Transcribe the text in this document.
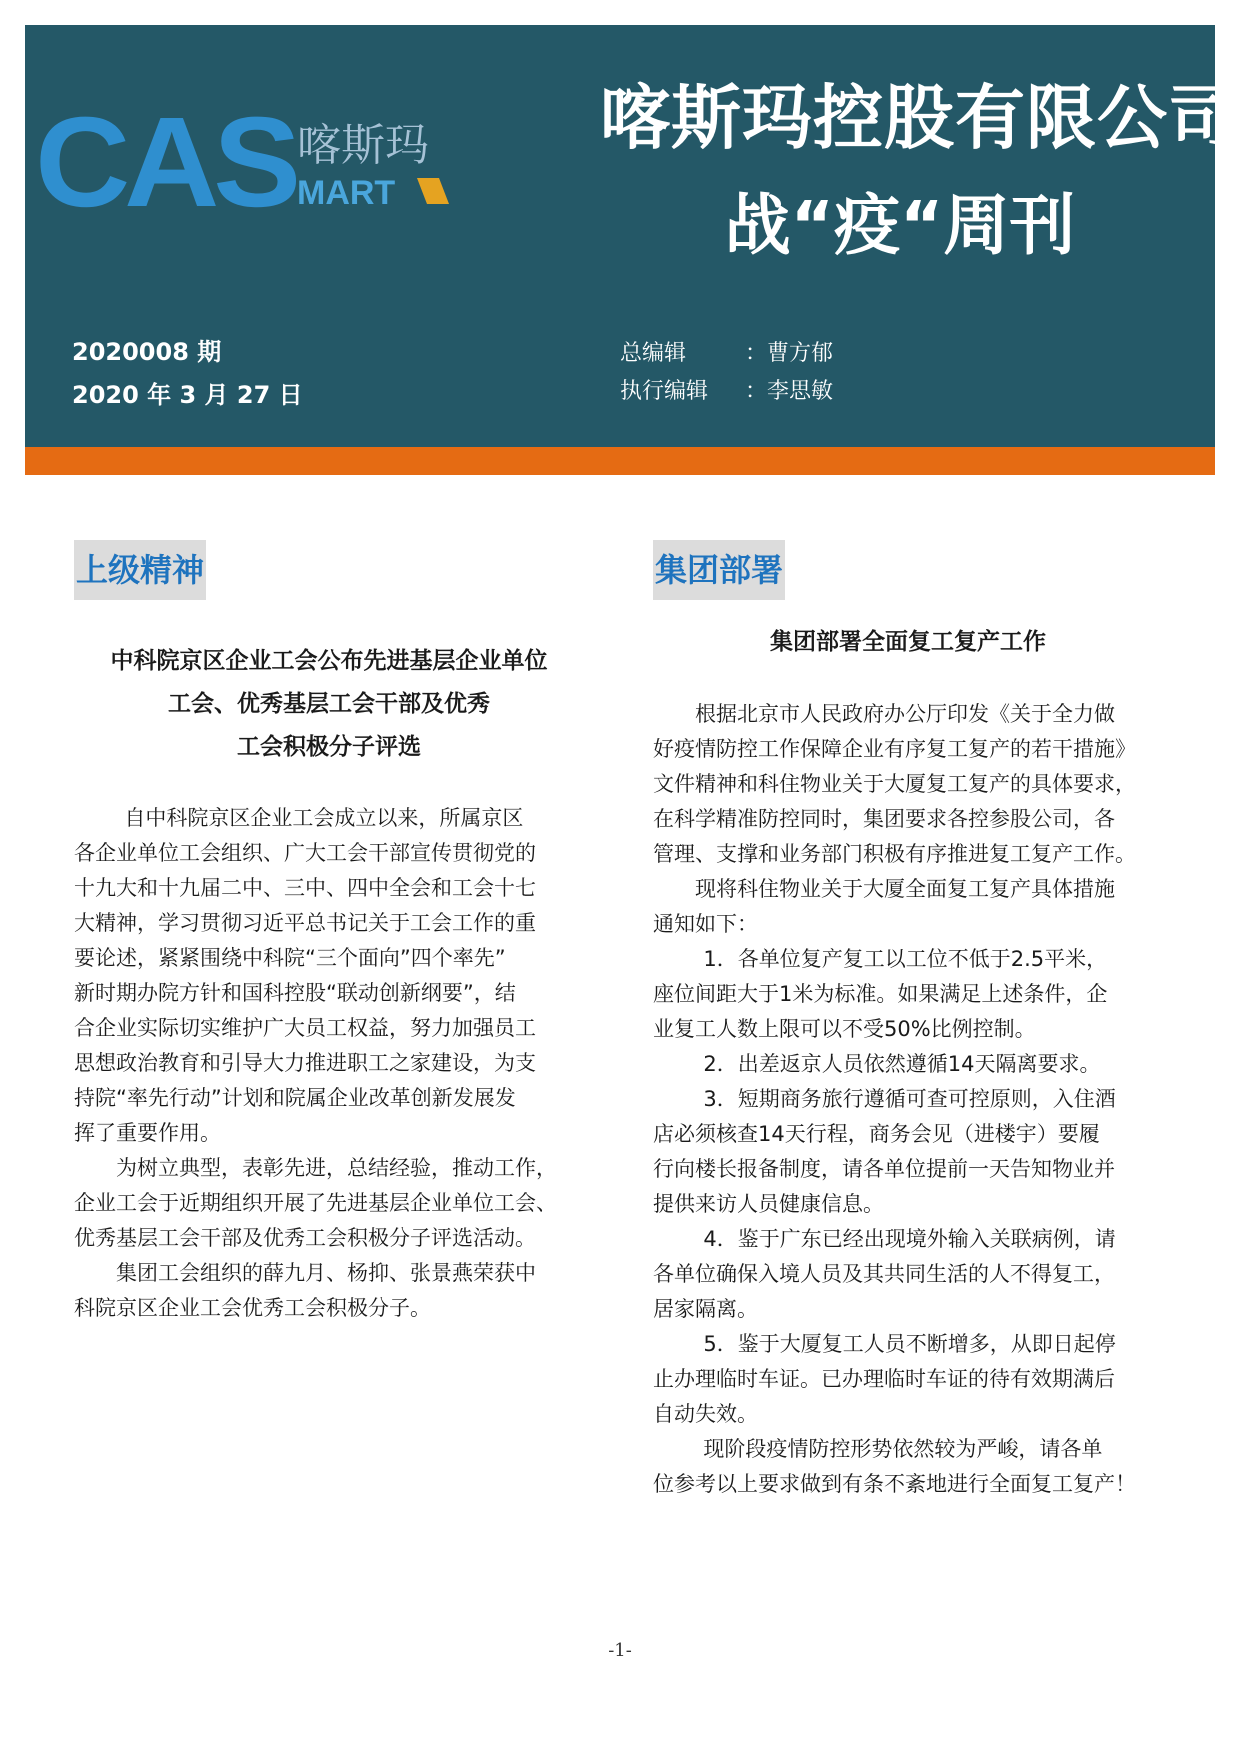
CAS 喀斯玛
MART
喀斯玛控股有限公司
战“疫“周刊
2020008 期
2020 年 3 月 27 日
总编辑	：曹方郁
执行编辑 ：李思敏
上级精神
中科院京区企业工会公布先进基层企业单位
工会、优秀基层工会干部及优秀
工会积极分子评选

自中科院京区企业工会成立以来，所属京区

各企业单位工会组织、广大工会干部宣传贯彻党的

十九大和十九届二中、三中、四中全会和工会十七

大精神，学习贯彻习近平总书记关于工会工作的重

要论述，紧紧围绕中科院“三个面向”四个率先”

新时期办院方针和国科控股“联动创新纲要”，结

合企业实际切实维护广大员工权益，努力加强员工

思想政治教育和引导大力推进职工之家建设，为支

持院“率先行动”计划和院属企业改革创新发展发

挥了重要作用。

为树立典型，表彰先进，总结经验，推动工作，

企业工会于近期组织开展了先进基层企业单位工会、

优秀基层工会干部及优秀工会积极分子评选活动。

集团工会组织的薛九月、杨抑、张景燕荣获中

科院京区企业工会优秀工会积极分子。

集团部署
集团部署全面复工复产工作

根据北京市人民政府办公厅印发《关于全力做

好疫情防控工作保障企业有序复工复产的若干措施》

文件精神和科住物业关于大厦复工复产的具体要求，

在科学精准防控同时，集团要求各控参股公司，各

管理、支撑和业务部门积极有序推进复工复产工作。

现将科住物业关于大厦全面复工复产具体措施

通知如下：

1．各单位复产复工以工位不低于2.5平米，

座位间距大于1米为标准。如果满足上述条件，企

业复工人数上限可以不受50%比例控制。

2．出差返京人员依然遵循14天隔离要求。

3．短期商务旅行遵循可查可控原则，入住酒

店必须核查14天行程，商务会见（进楼宇）要履

行向楼长报备制度，请各单位提前一天告知物业并

提供来访人员健康信息。

4．鉴于广东已经出现境外输入关联病例，请

各单位确保入境人员及其共同生活的人不得复工，

居家隔离。

5．鉴于大厦复工人员不断增多，从即日起停

止办理临时车证。已办理临时车证的待有效期满后

自动失效。

现阶段疫情防控形势依然较为严峻，请各单

位参考以上要求做到有条不紊地进行全面复工复产！

-1-
